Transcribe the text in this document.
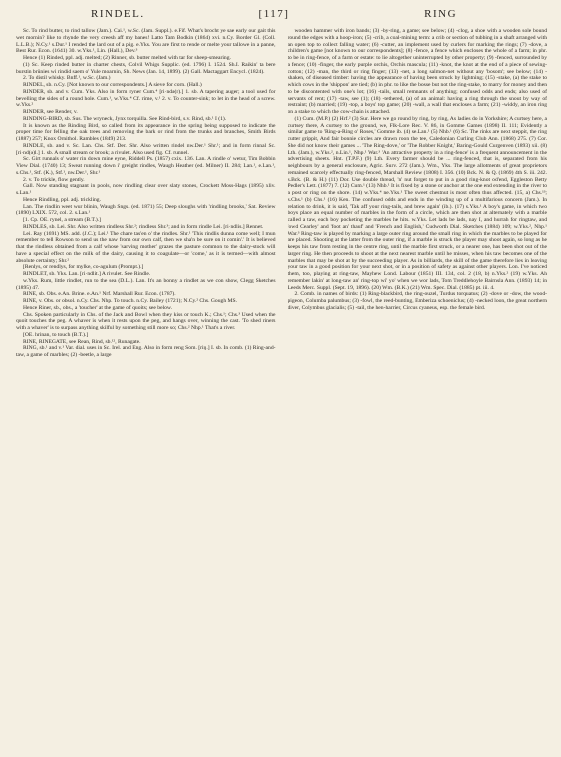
RINDEL.	[117]	RING

Sc. To rind butter, to rind tallow (Jam.). Cai.¹, w.Sc. (Jam. Suppl.). e.Fif. What's brocht ye sae early our gait this wet mornin? like to rhynde the very creesh aff my banes! Latto Tam Bodkin (1864) xvi. n.Cy. Border Gl. (Coll. L.L.B.); N.Cy.¹ s.Dur.¹ I rended the lard out of a pig. e.Yks. You are first to rende or melte your tallowe in a panne, Best Rur. Econ. (1641) 30. w.Yks.¹, Lin. (Hall.), Dev.³

Hence (1) Rinded, ppl. adj. melted; (2) Rinner, sb. butter melted with tar for sheep-smearing.

(1) Sc. Keep rinded butter in charter chests, Colvil Whigs Supplic. (ed. 1796) I. 1524. Sh.I. Raikin' ta bere burstin brünies wi rindid saem o' Yule moarnin, Sh. News (Jan. 14, 1899). (2) Gall. Mactaggart Encycl. (1824).

2. To distil whisky. Bnff.¹, w.Sc. (Jam.)

RINDEL, sb. n.Cy. [Not known to our correspondents.] A sieve for corn. (Hall.)

RINDER, sb. and v. Cum. Yks. Also in form ryner Cum.⁴ [ri·ndə(r).] 1. sb. A tapering auger; a tool used for bevelling the sides of a round hole. Cum.¹, w.Yks.⁴ Cf. rime, v.¹ 2. v. To counter-sink; to let in the head of a screw. w.Yks.²

RINDER, see Render, v.

RINDING-BIRD, sb. Sus. The wryneck, Jynx torquilla. See Rind-bird, s.v. Rind, sb.¹ I (1).

It is known as the Rinding Bird, so called from its appearance in the spring being supposed to indicate the proper time for felling the oak trees and removing the bark or rind from the trunks and branches, Smith Birds (1887) 257; Knox Ornithol. Rambles (1849) 213.

RINDLE, sb. and v. Sc. Lan. Chs. Stf. Der. Shr. Also written rindel nw.Der.¹ Shr.¹; and in form rinnal Sc. [ri·nd(ə)l.] 1. sb. A small stream or brook; a rivulet. Also used fig. Cf. runnel.

Sc. Girt runnals o' water rin down mine eyne, Riddell Ps. (1857) cxix. 136. Lan. A rindle o' wetur, Tim Bobbin View Dial. (1740) 13; Sweat running down i' greight rindles, Waugh Heather (ed. Milner) II. 284; Lan.¹, e.Lan.¹, s.Chs.¹, Stf. (K.), Stf.¹, nw.Der.¹, Shr.¹

2. v. To trickle, flow gently.

Gall. Now standing stagnant in pools, now rindling clear over slaty stones, Crockett Moss-Hags (1895) xliv. s.Lan.¹

Hence Rindling, ppl. adj. trickling.

Lan. The rindlin weet wur blinin, Waugh Sngs. (ed. 1871) 55; Deep sloughs with 'rindling brooks,' Sat. Review (1890) LXIX. 572, col. 2. s.Lan.¹

[1. Cp. OE. rynel, a stream (B.T.).]

RINDLES, sb. Lei. Shr. Also written rindless Shr.²; rindless Shr.³; and in form rindle Lei. [ri·ndlis.] Rennet.

Lei. Ray (1691) MS. add. (J.C.); Lei.¹ The chare tas'en o' the rindles. Shr.¹ 'This rindlis dunna come well; I mun remember to tell Rowson to send us the naw from our own calf, then we sha'n be sure on it comin'.' It is believed that the rindless obtained from a calf whose 'sarving mother' grazes the pasture common to the dairy-stock will have a special effect on the milk of the dairy, causing it to coagulate—or 'come,' as it is termed—with almost absolute certainty; Shr.²

[Renlys, or rendlys, for mylke, co-agulum (Prompt.).]

RINDLET, sb. Yks. Lan. [ri·ndlit.] A rivulet. See Rindle.

w.Yks. Rum, little rindlet, run to the sea (D.L.). Lan. It's an bonny a rindlet as we con show, Clegg Sketches (1895) 47.

RINE, sb. Obs. e.An. Brine. e.An.¹ Nrf. Marshall Rur. Econ. (1787).

RINE, v. Obs. or obsol. n.Cy. Chs. Nhp. To touch. n.Cy. Bailey (1721); N.Cy.² Chs. Gough MS.

Hence Riner, sb., obs., a 'toucher' at the game of quoits; see below.

Chs. Spoken particularly in Chs. of the Jack and Bowl when they kiss or touch K.; Chs.¹; Chs.³ Used when the quoit touches the peg. A whaver is when it rests upon the peg, and hangs over, winning the cast. 'To shed riners with a whaver' is to surpass anything skilful by something still more so; Chs.² Nhp.¹ That's a river.

[OE. hrinan, to touch (B.T.).]

RINE, RINEGATE, see Rean, Rind, sb.¹², Runagate.

RING, sb.¹ and v.¹ Var. dial. uses in Sc. Irel. and Eng. Also in form reng Som. [riŋ.] I. sb. In comb. (1) Ring-and-taw, a game of marbles; (2) -beetle, a large

wooden hammer with iron bands; (3) -by-ring, a game; see below; (4) -clog, a shoe with a wooden sole bound round the edges with a hoop-iron; (5) -crib, a coal-mining term: a crib or section of tubbing in a shaft arranged with an open top to collect falling water; (6) -cutter, an implement used by curlers for marking the rings; (7) -dove, a children's game [not known to our correspondents]; (8) -fence, a fence which encloses the whole of a farm; in phr. to be in ring-fence, of a farm or estate: to lie altogether uninterrupted by other property; (9) -fenced, surrounded by a fence; (10) -finger, the early purple orchis, Orchis mascula; (11) -knot, the knot at the end of a piece of sewing-cotton; (12) -man, the third or ring finger; (13) -net, a long salmon-net without any 'bosom'; see below; (14) -shaken, of diseased timber: having the appearance of having been struck by lightning; (15) -stake, (a) the stake to which cows in the 'shippon' are tied; (b) in phr. to like the bosse but not the ring-stake, to marry for money and then to be discontented with one's lot; (16) -tails, small remnants of anything; confused odds and ends; also used of servants of rent; (17) -taw, see (1); (18) -tethered, (a) of an animal: having a ring through the snout by way of restraint; (b) married; (19) -top, a boys' top game; (20) -wall, a wall that encloses a farm; (21) -widdy, an iron ring on a stake to which the cow-chain is attached.

(1) Cum. (M.P.) (2) Hrf.² (3) Sur. Here we go round by ring, by ring, As ladies do in Yorkshire; A curtsey here, a curtsey there, A curtsey to the ground, we, Flk-Lore Rec. V. 86, in Gomme Games (1898) II. 111; Evidently a similar game to 'Ring-a-Ring o' Roses,' Gomme ib. (4) se.Lan.¹ (5) Nhb.¹ (6) Sc. The rinks are next steppit, the ring cutter grippit, And fair bonnie circles are drawn roon the tee, Caledonian Curling Club Ann. (1868) 275. (7) Cor. She did not know their games ... 'The Ring-dove,' or 'The Robber Knight,' Baring-Gould Curgenven (1893) xii. (8) Lth. (Jam.), w.Yks.², n.Lin.¹, Nhp.¹ War.³ 'An attractive property in a ring-fence' is a frequent announcement in the advertising sheets. Hnt. (T.P.F.) (9) Lth. Every farmer should be ... ring-fenced, that is, separated from his neighbours by a general enclosure, Agric. Surv. 272 (Jam.). Wm., Yks. The large allotments of great proprietors remained scarcely effectually ring-fenced, Marshall Review (1808) I. 356. (10) Bck. N. & Q. (1869) 4th S. iii. 242. s.Bck. (B. & H.) (11) Dor. Use double thread, 'n' nut forget to put in a good ring-knot od'end, Eggleston Betty Pedler's Lett. (1877) 7. (12) Cum.¹ (13) Nhb.¹ It is fixed by a stone or anchor at the one end extending in the river to a post or ring on the shore. (14) w.Yks.⁴ ne.Yks.¹ The sweet chestnut is most often thus affected. (15, a) Chs.¹³; s.Chs.¹ (b) Chs.¹ (16) Ken. The confused odds and ends in the winding up of a multifarious concern (Jam.). In relation to drink, it is said, 'Tak aff your ring-tails, and brew again' (ib.). (17) s.Yks.¹ A boy's game, in which two boys place an equal number of marbles in the form of a circle, which are then shot at alternately with a marble called a taw, each boy pocketing the marbles he hits. w.Yks. Let lads be lads, nay I, and hurrah for ringtaw, and 'owd Cearley' and 'foot an' thauf' and 'French and English,' Cudworth Dial. Sketches (1884) 109; w.Yks.², Nhp.¹ War.³ Ring-taw is played by marking a large outer ring around the small ring in which the marbles to be played for are placed. Shooting at the latter from the outer ring, if a marble is struck the player may shoot again, so long as he keeps his taw from resting in the centre ring, until the marble first struck, or a nearer one, has been shot out of the larger ring. He then proceeds to shoot at the next nearest marble until he misses, when his taw becomes one of the marbles that may be shot at by the succeeding player. As in billiards, the skill of the game therefore lies in leaving your taw in a good position for your next shot, or in a position of safety as against other players. Lon. I've noticed them, too, playing at ring-taw, Mayhew Lond. Labour (1851) III. 134, col. 2 (18, b) n.Yks.² (19) w.Yks. Ah remember lakin' at long-taw an' ring-top wi' yo' when we wor lads, Tom Treddlehoyle Bairnsla Ann. (1893) 14; in Leeds Merc. Suppl. (Sept. 19, 1896). (20) Wm. (B.K.) (21) Wm. Spec. Dial. (1885) pt. iii. 4.

2. Comb. in names of birds: (1) Ring-blackbird, the ring-ouzel, Turdus torquatus; (2) -dove or -dow, the wood-pigeon, Columba palumbus; (3) -fowl, the reed-bunting, Emberiza schoeniclus; (4) -necked loon, the great northern diver, Colymbus glacialis; (5) -tail, the hen-harrier, Circus cyaneus, esp. the female bird.
